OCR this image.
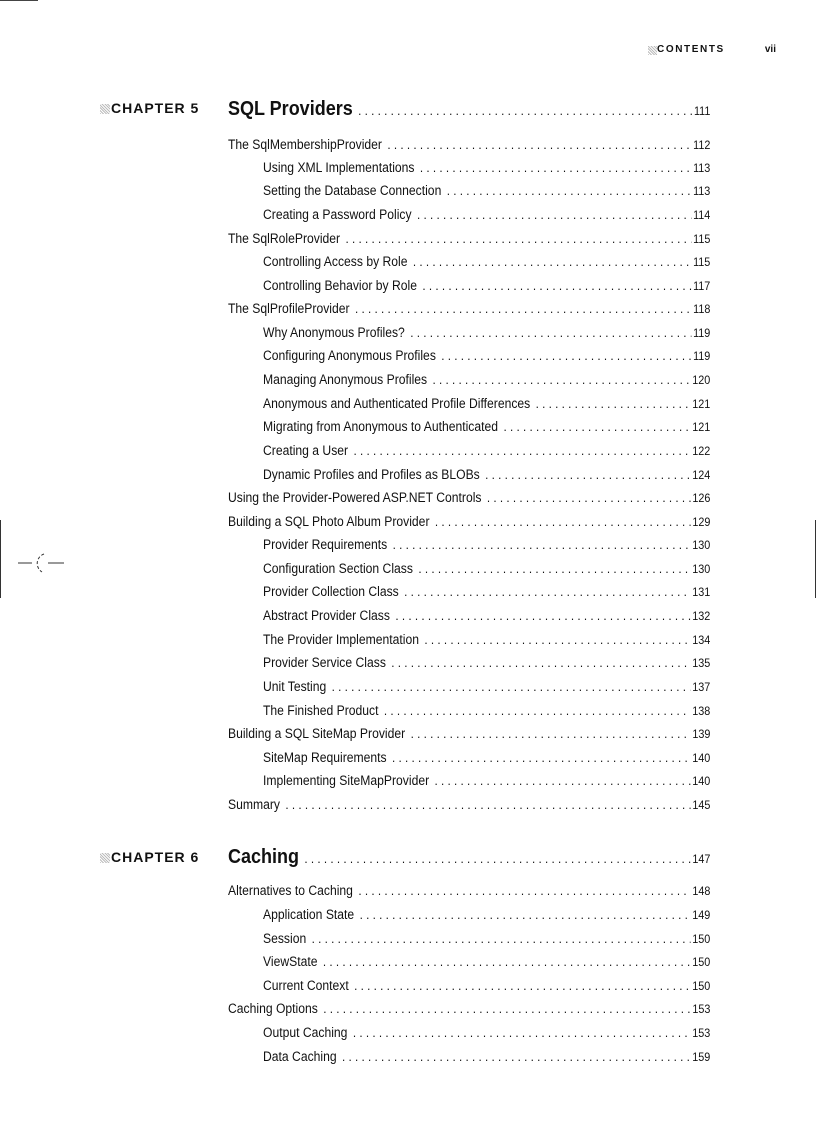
CONTENTS	vii
CHAPTER 5 SQL Providers . . .	111
The SqlMembershipProvider . . .	112
Using XML Implementations . . .	113
Setting the Database Connection . . .	113
Creating a Password Policy . . .	114
The SqlRoleProvider . . .	115
Controlling Access by Role . . .	115
Controlling Behavior by Role . . .	117
The SqlProfileProvider . . .	118
Why Anonymous Profiles? . . .	119
Configuring Anonymous Profiles . . .	119
Managing Anonymous Profiles . . .	120
Anonymous and Authenticated Profile Differences . . .	121
Migrating from Anonymous to Authenticated . . .	121
Creating a User . . .	122
Dynamic Profiles and Profiles as BLOBs . . .	124
Using the Provider-Powered ASP.NET Controls . . .	126
Building a SQL Photo Album Provider . . .	129
Provider Requirements . . .	130
Configuration Section Class . . .	130
Provider Collection Class . . .	131
Abstract Provider Class . . .	132
The Provider Implementation . . .	134
Provider Service Class . . .	135
Unit Testing . . .	137
The Finished Product . . .	138
Building a SQL SiteMap Provider . . .	139
SiteMap Requirements . . .	140
Implementing SiteMapProvider . . .	140
Summary . . .	145
CHAPTER 6 Caching . . .	147
Alternatives to Caching . . .	148
Application State . . .	149
Session . . .	150
ViewState . . .	150
Current Context . . .	150
Caching Options . . .	153
Output Caching . . .	153
Data Caching . . .	159
